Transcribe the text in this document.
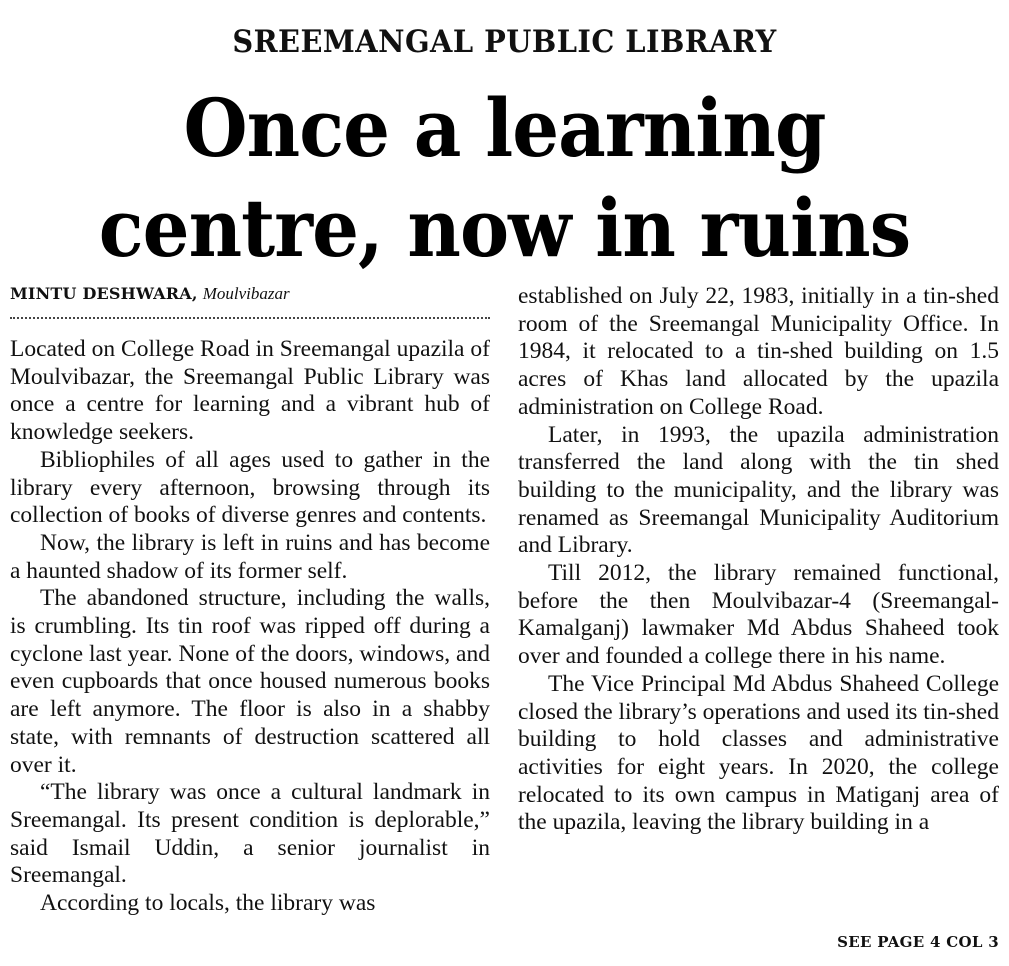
SREEMANGAL PUBLIC LIBRARY
Once a learning
centre, now in ruins
MINTU DESHWARA, Moulvibazar

Located on College Road in Sreemangal upazila of Moulvibazar, the Sreemangal Public Library was once a centre for learning and a vibrant hub of knowledge seekers.

Bibliophiles of all ages used to gather in the library every afternoon, browsing through its collection of books of diverse genres and contents.

Now, the library is left in ruins and has become a haunted shadow of its former self.

The abandoned structure, including the walls, is crumbling. Its tin roof was ripped off during a cyclone last year. None of the doors, windows, and even cupboards that once housed numerous books are left anymore. The floor is also in a shabby state, with remnants of destruction scattered all over it.

“The library was once a cultural landmark in Sreemangal. Its present condition is deplorable,” said Ismail Uddin, a senior journalist in Sreemangal.

According to locals, the library was

established on July 22, 1983, initially in a tin-shed room of the Sreemangal Municipality Office. In 1984, it relocated to a tin-shed building on 1.5 acres of Khas land allocated by the upazila administration on College Road.

Later, in 1993, the upazila administration transferred the land along with the tin shed building to the municipality, and the library was renamed as Sreemangal Municipality Auditorium and Library.

Till 2012, the library remained functional, before the then Moulvibazar-4 (Sreemangal-Kamalganj) lawmaker Md Abdus Shaheed took over and founded a college there in his name.

The Vice Principal Md Abdus Shaheed College closed the library’s operations and used its tin-shed building to hold classes and administrative activities for eight years. In 2020, the college relocated to its own campus in Matiganj area of the upazila, leaving the library building in a

SEE PAGE 4 COL 3
